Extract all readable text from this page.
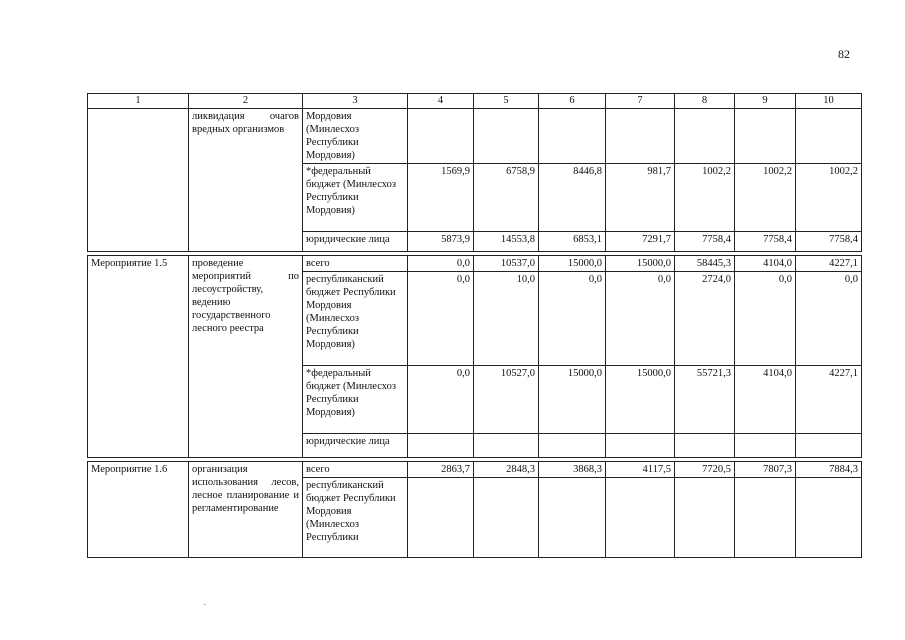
82
1	2	3	4	5	6	7	8	9	10
	ликвидация очагов вредных организмов	Мордовия (Минлесхоз Республики Мордовия)							
		*федеральный бюджет (Минлесхоз Республики Мордовия)	1569,9	6758,9	8446,8	981,7	1002,2	1002,2	1002,2
		юридические лица	5873,9	14553,8	6853,1	7291,7	7758,4	7758,4	7758,4

Мероприятие 1.5	проведение мероприятий по лесоустройству, ведению государственного лесного реестра	всего	0,0	10537,0	15000,0	15000,0	58445,3	4104,0	4227,1
		республиканский бюджет Республики Мордовия (Минлесхоз Республики Мордовия)	0,0	10,0	0,0	0,0	2724,0	0,0	0,0
		*федеральный бюджет (Минлесхоз Республики Мордовия)	0,0	10527,0	15000,0	15000,0	55721,3	4104,0	4227,1
		юридические лица							

Мероприятие 1.6	организация использования лесов, лесное планирование и регламентирование	всего	2863,7	2848,3	3868,3	4117,5	7720,5	7807,3	7884,3
		республиканский бюджет Республики Мордовия (Минлесхоз Республики							
